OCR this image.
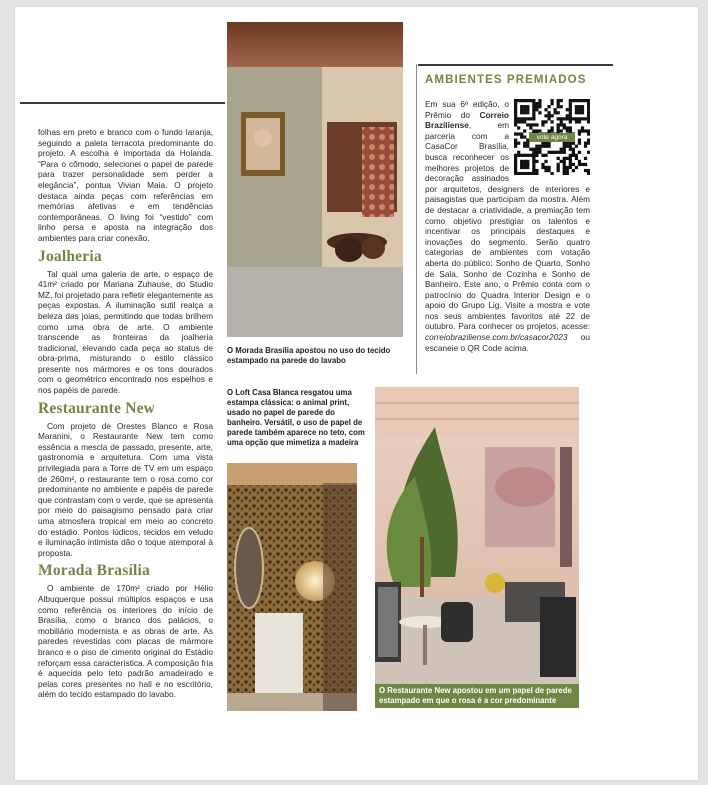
folhas em preto e branco com o fundo laranja, seguindo a paleta terracota predominante do projeto. A escolha é importada da Holanda. “Para o cômodo, selecionei o papel de parede para trazer personalidade sem perder a elegância”, pontua Vivian Maia. O projeto destaca ainda peças com referências em memórias afetivas e em tendências contemporâneas. O living foi “vestido” com linho persa e aposta na integração dos ambientes para criar conexão.

Joalheria

Tal qual uma galeria de arte, o espaço de 41m² criado por Mariana Zuhause, do Studio MZ, foi projetado para refletir elegantemente as peças expostas. A iluminação sutil realça a beleza das joias, permitindo que todas brilhem como uma obra de arte. O ambiente transcende as fronteiras da joalheria tradicional, elevando cada peça ao status de obra-prima, misturando o estilo clássico presente nos mármores e os tons dourados com o geométrico encontrado nos espelhos e nos papéis de parede.

Restaurante New

Com projeto de Orestes Blanco e Rosa Maranini, o Restaurante New tem como essência a mescla de passado, presente, arte, gastronomia e arquitetura. Com uma vista privilegiada para a Torre de TV em um espaço de 260m², o restaurante tem o rosa como cor predominante no ambiente e papéis de parede que contrastam com o verde, que se apresenta por meio do paisagismo pensado para criar uma atmosfera tropical em meio ao concreto do estádio. Pontos lúdicos, tecidos em veludo e iluminação intimista dão o toque atemporal à proposta.

Morada Brasília

O ambiente de 170m² criado por Hélio Albuquerque possui múltiplos espaços e usa como referência os interiores do início de Brasília, como o branco dos palácios, o mobiliário modernista e as obras de arte. As paredes revestidas com placas de mármore branco e o piso de cimento original do Estádio reforçam essa característica. A composição fria é aquecida pelo teto padrão amadeirado e pelas cores presentes no hall e no escritório, além do tecido estampado do lavabo.

O Morada Brasília apostou no uso do tecido estampado na parede do lavabo
O Loft Casa Blanca resgatou uma estampa clássica: o animal print, usado no papel de parede do banheiro. Versátil, o uso de papel de parede também aparece no teto, com uma opção que mimetiza a madeira
O Restaurante New apostou em um papel de parede estampado em que o rosa é a cor predominante
AMBIENTES PREMIADOS
vote agora

Em sua 6ª edição, o Prêmio do Correio Braziliense, em parceria com a CasaCor Brasília, busca reconhecer os melhores projetos de decoração assinados por arquitetos, designers de interiores e paisagistas que participam da mostra. Além de destacar a criatividade, a premiação tem como objetivo prestigiar os talentos e incentivar os principais destaques e inovações do segmento. Serão quatro categorias de ambientes com votação aberta do público: Sonho de Quarto, Sonho de Sala, Sonho de Cozinha e Sonho de Banheiro. Este ano, o Prêmio conta com o patrocínio do Quadra Interior Design e o apoio do Grupo Lig. Visite a mostra e vote nos seus ambientes favoritos até 22 de outubro. Para conhecer os projetos, acesse: correiobraziliense.com.br/casacor2023 ou escaneie o QR Code acima.
